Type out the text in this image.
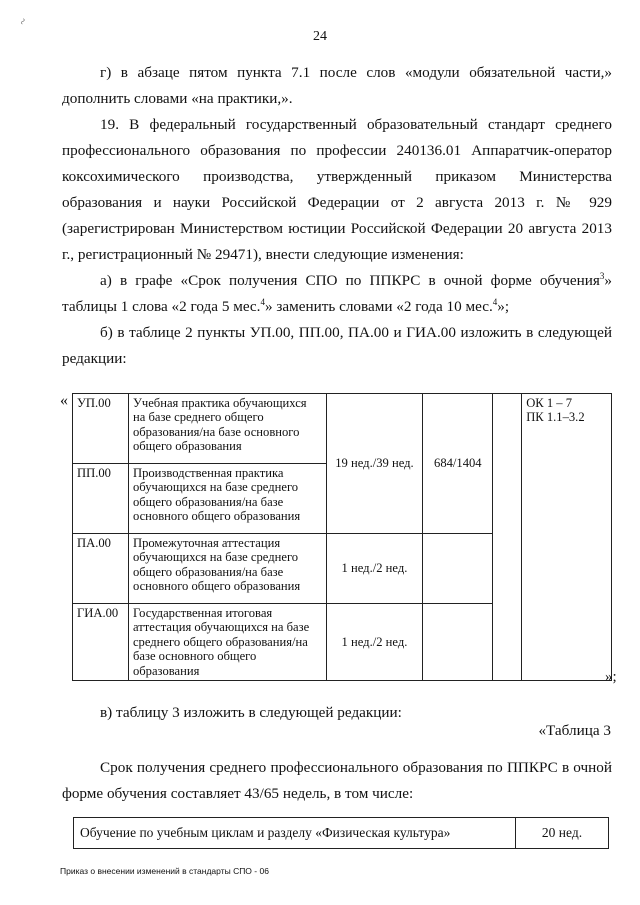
~
24
г) в абзаце пятом пункта 7.1 после слов «модули обязательной части,» дополнить словами «на практики,».
19. В федеральный государственный образовательный стандарт среднего профессионального образования по профессии 240136.01 Аппаратчик-оператор коксохимического производства, утвержденный приказом Министерства образования и науки Российской Федерации от 2 августа 2013 г. № 929 (зарегистрирован Министерством юстиции Российской Федерации 20 августа 2013 г., регистрационный № 29471), внести следующие изменения:
а) в графе «Срок получения СПО по ППКРС в очной форме обучения$^3$» таблицы 1 слова «2 года 5 мес.$^4$» заменить словами «2 года 10 мес.$^4$»;
б) в таблице 2 пункты УП.00, ПП.00, ПА.00 и ГИА.00 изложить в следующей редакции:
« УП.00	Учебная практика обучающихся на базе среднего общего образования/на базе основного общего образования	19 нед./39 нед.	684/1404		ОК 1 – 7
ПК 1.1–3.2

ПП.00	Производственная практика обучающихся на базе среднего общего образования/на базе основного общего образования				
ПА.00	Промежуточная аттестация обучающихся на базе среднего общего образования/на базе основного общего образования	1 нед./2 нед.			
ГИА.00	Государственная итоговая аттестация обучающихся на базе среднего общего образования/на базе основного общего образования	1 нед./2 нед.			
»;
в) таблицу 3 изложить в следующей редакции:
«Таблица 3
Срок получения среднего профессионального образования по ППКРС в очной форме обучения составляет 43/65 недель, в том числе:
Обучение по учебным циклам и разделу «Физическая культура»	20 нед.
Приказ о внесении изменений в стандарты СПО - 06
